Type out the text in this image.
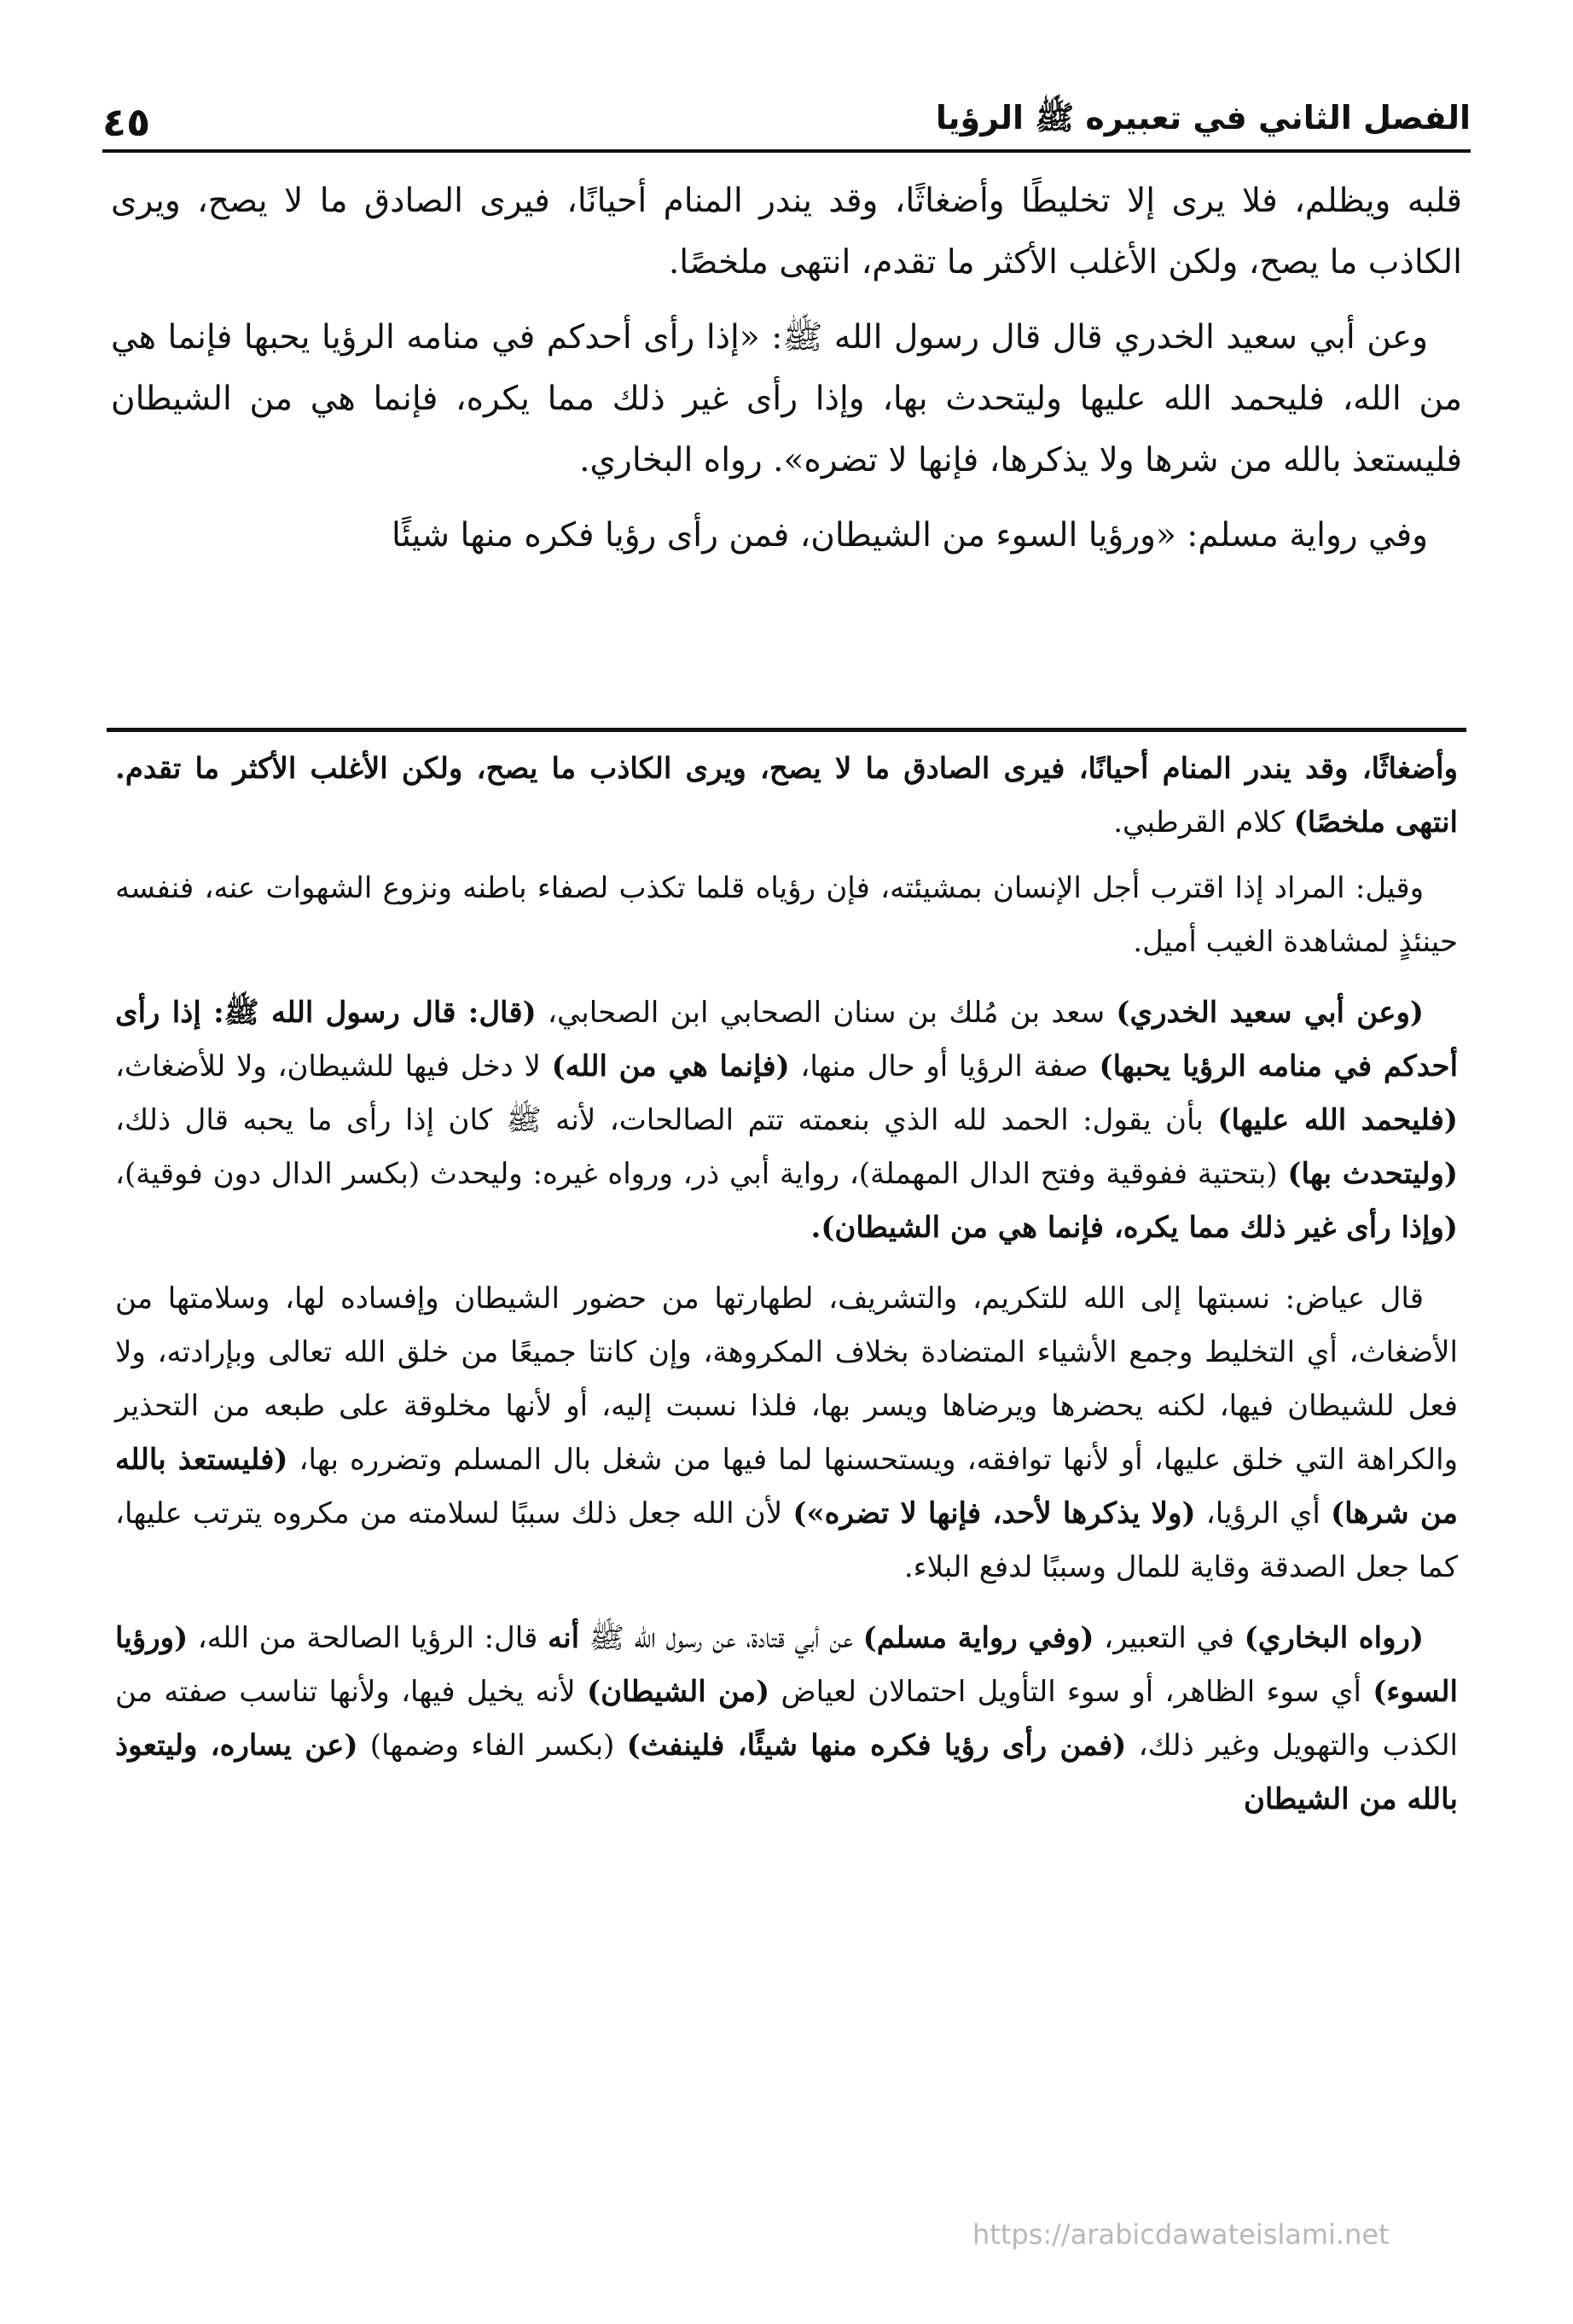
الفصل الثاني في تعبيره ﷺ الرؤيا
٤٥

قلبه ويظلم، فلا يرى إلا تخليطًا وأضغاثًا، وقد يندر المنام أحيانًا، فيرى الصادق ما لا يصح، ويرى الكاذب ما يصح، ولكن الأغلب الأكثر ما تقدم، انتهى ملخصًا.

وعن أبي سعيد الخدري قال قال رسول الله ﷺ: «إذا رأى أحدكم في منامه الرؤيا يحبها فإنما هي من الله، فليحمد الله عليها وليتحدث بها، وإذا رأى غير ذلك مما يكره، فإنما هي من الشيطان فليستعذ بالله من شرها ولا يذكرها، فإنها لا تضره». رواه البخاري.

وفي رواية مسلم: «ورؤيا السوء من الشيطان، فمن رأى رؤيا فكره منها شيئًا

وأضغاثًا، وقد يندر المنام أحيانًا، فيرى الصادق ما لا يصح، ويرى الكاذب ما يصح، ولكن الأغلب الأكثر ما تقدم. انتهى ملخصًا) كلام القرطبي.

وقيل: المراد إذا اقترب أجل الإنسان بمشيئته، فإن رؤياه قلما تكذب لصفاء باطنه ونزوع الشهوات عنه، فنفسه حينئذٍ لمشاهدة الغيب أميل.

(وعن أبي سعيد الخدري) سعد بن مُلك بن سنان الصحابي ابن الصحابي، (قال: قال رسول الله ﷺ: إذا رأى أحدكم في منامه الرؤيا يحبها) صفة الرؤيا أو حال منها، (فإنما هي من الله) لا دخل فيها للشيطان، ولا للأضغاث، (فليحمد الله عليها) بأن يقول: الحمد لله الذي بنعمته تتم الصالحات، لأنه ﷺ كان إذا رأى ما يحبه قال ذلك، (وليتحدث بها) (بتحتية ففوقية وفتح الدال المهملة)، رواية أبي ذر، ورواه غيره: وليحدث (بكسر الدال دون فوقية)، (وإذا رأى غير ذلك مما يكره، فإنما هي من الشيطان).

قال عياض: نسبتها إلى الله للتكريم، والتشريف، لطهارتها من حضور الشيطان وإفساده لها، وسلامتها من الأضغاث، أي التخليط وجمع الأشياء المتضادة بخلاف المكروهة، وإن كانتا جميعًا من خلق الله تعالى وبإرادته، ولا فعل للشيطان فيها، لكنه يحضرها ويرضاها ويسر بها، فلذا نسبت إليه، أو لأنها مخلوقة على طبعه من التحذير والكراهة التي خلق عليها، أو لأنها توافقه، ويستحسنها لما فيها من شغل بال المسلم وتضرره بها، (فليستعذ بالله من شرها) أي الرؤيا، (ولا يذكرها لأحد، فإنها لا تضره») لأن الله جعل ذلك سببًا لسلامته من مكروه يترتب عليها، كما جعل الصدقة وقاية للمال وسببًا لدفع البلاء.

(رواه البخاري) في التعبير، (وفي رواية مسلم) عن أبي قتادة، عن رسول الله ﷺ أنه قال: الرؤيا الصالحة من الله، (ورؤيا السوء) أي سوء الظاهر، أو سوء التأويل احتمالان لعياض (من الشيطان) لأنه يخيل فيها، ولأنها تناسب صفته من الكذب والتهويل وغير ذلك، (فمن رأى رؤيا فكره منها شيئًا، فلينفث) (بكسر الفاء وضمها) (عن يساره، وليتعوذ بالله من الشيطان

https://arabicdawateislami.net
